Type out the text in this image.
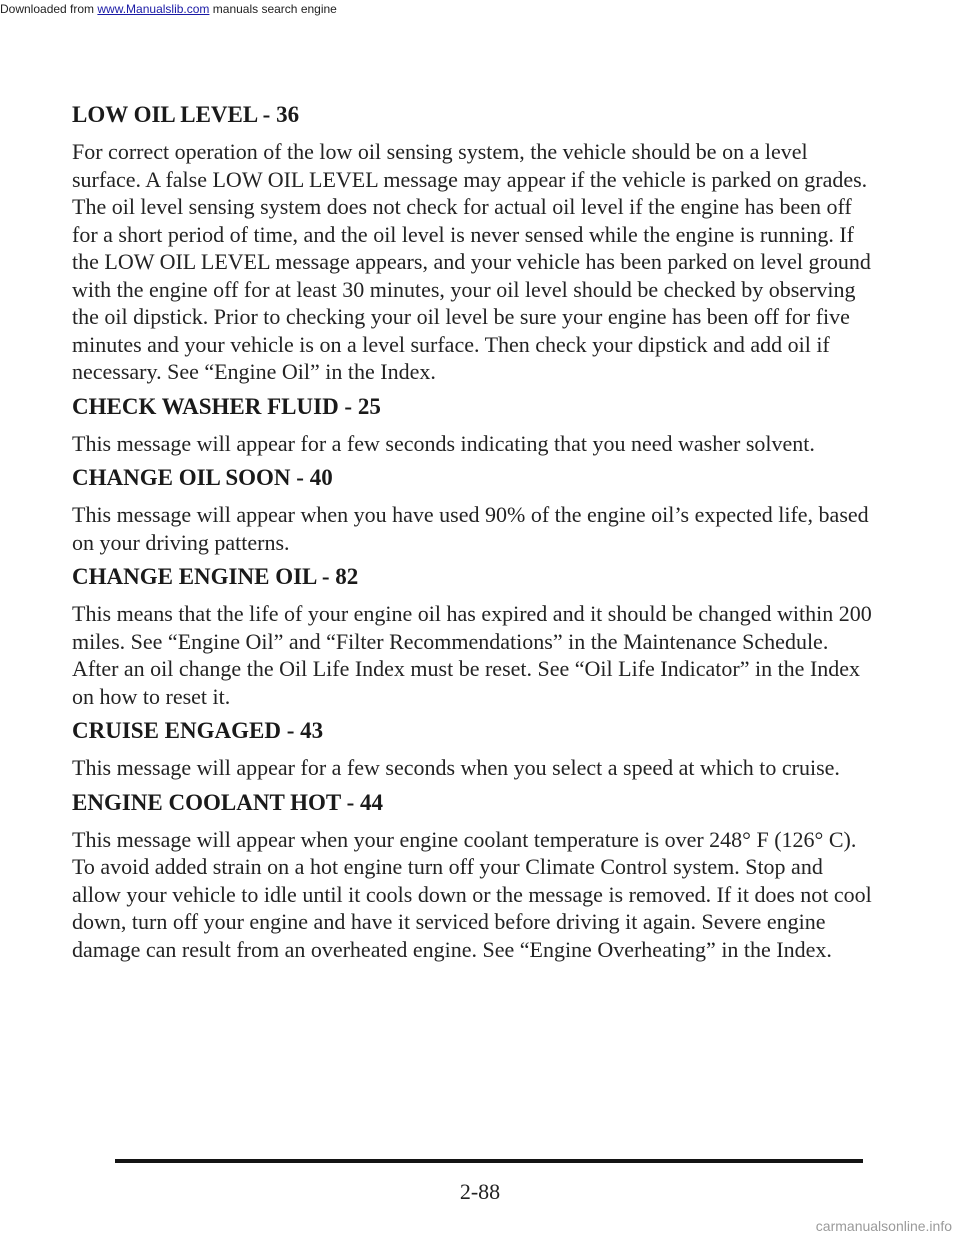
Downloaded from www.Manualslib.com manuals search engine
LOW OIL LEVEL - 36
For correct operation of the low oil sensing system, the vehicle should be on a level surface. A false LOW OIL LEVEL message may appear if the vehicle is parked on grades. The oil level sensing system does not check for actual oil level if the engine has been off for a short period of time, and the oil level is never sensed while the engine is running. If the LOW OIL LEVEL message appears, and your vehicle has been parked on level ground with the engine off for at least 30 minutes, your oil level should be checked by observing the oil dipstick. Prior to checking your oil level be sure your engine has been off for five minutes and your vehicle is on a level surface. Then check your dipstick and add oil if necessary. See “Engine Oil” in the Index.
CHECK WASHER FLUID - 25
This message will appear for a few seconds indicating that you need washer solvent.
CHANGE OIL SOON - 40
This message will appear when you have used 90% of the engine oil’s expected life, based on your driving patterns.
CHANGE ENGINE OIL - 82
This means that the life of your engine oil has expired and it should be changed within 200 miles. See “Engine Oil” and “Filter Recommendations” in the Maintenance Schedule. After an oil change the Oil Life Index must be reset. See “Oil Life Indicator” in the Index on how to reset it.
CRUISE ENGAGED - 43
This message will appear for a few seconds when you select a speed at which to cruise.
ENGINE COOLANT HOT - 44
This message will appear when your engine coolant temperature is over 248° F (126° C). To avoid added strain on a hot engine turn off your Climate Control system. Stop and allow your vehicle to idle until it cools down or the message is removed. If it does not cool down, turn off your engine and have it serviced before driving it again. Severe engine damage can result from an overheated engine. See “Engine Overheating” in the Index.
2-88
carmanualsonline.info
